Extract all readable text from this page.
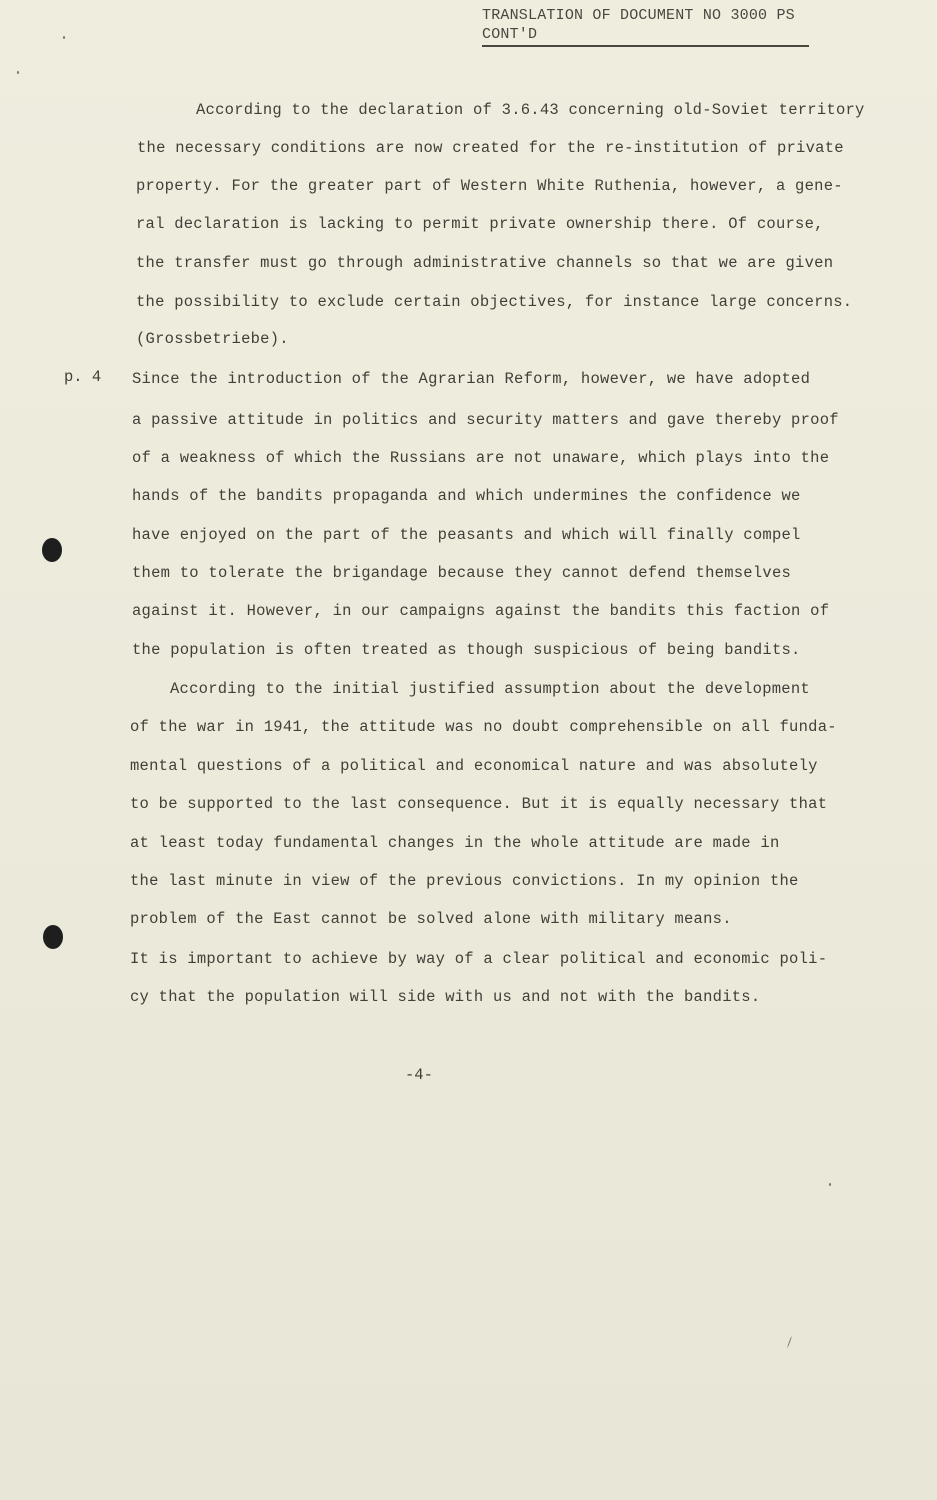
TRANSLATION OF DOCUMENT NO 3000 PS
CONT'D
p. 4
According to the declaration of 3.6.43 concerning old-Soviet territory
the necessary conditions are now created for the re-institution of private
property. For the greater part of Western White Ruthenia, however, a gene-
ral declaration is lacking to permit private ownership there. Of course,
the transfer must go through administrative channels so that we are given
the possibility to exclude certain objectives, for instance large concerns.
(Grossbetriebe).
Since the introduction of the Agrarian Reform, however, we have adopted
a passive attitude in politics and security matters and gave thereby proof
of a weakness of which the Russians are not unaware, which plays into the
hands of the bandits propaganda and which undermines the confidence we
have enjoyed on the part of the peasants and which will finally compel
them to tolerate the brigandage because they cannot defend themselves
against it. However, in our campaigns against the bandits this faction of
the population is often treated as though suspicious of being bandits.
According to the initial justified assumption about the development
of the war in 1941, the attitude was no doubt comprehensible on all funda-
mental questions of a political and economical nature and was absolutely
to be supported to the last consequence. But it is equally necessary that
at least today fundamental changes in the whole attitude are made in
the last minute in view of the previous convictions. In my opinion the
problem of the East cannot be solved alone with military means.
It is important to achieve by way of a clear political and economic poli-
cy that the population will side with us and not with the bandits.
-4-
